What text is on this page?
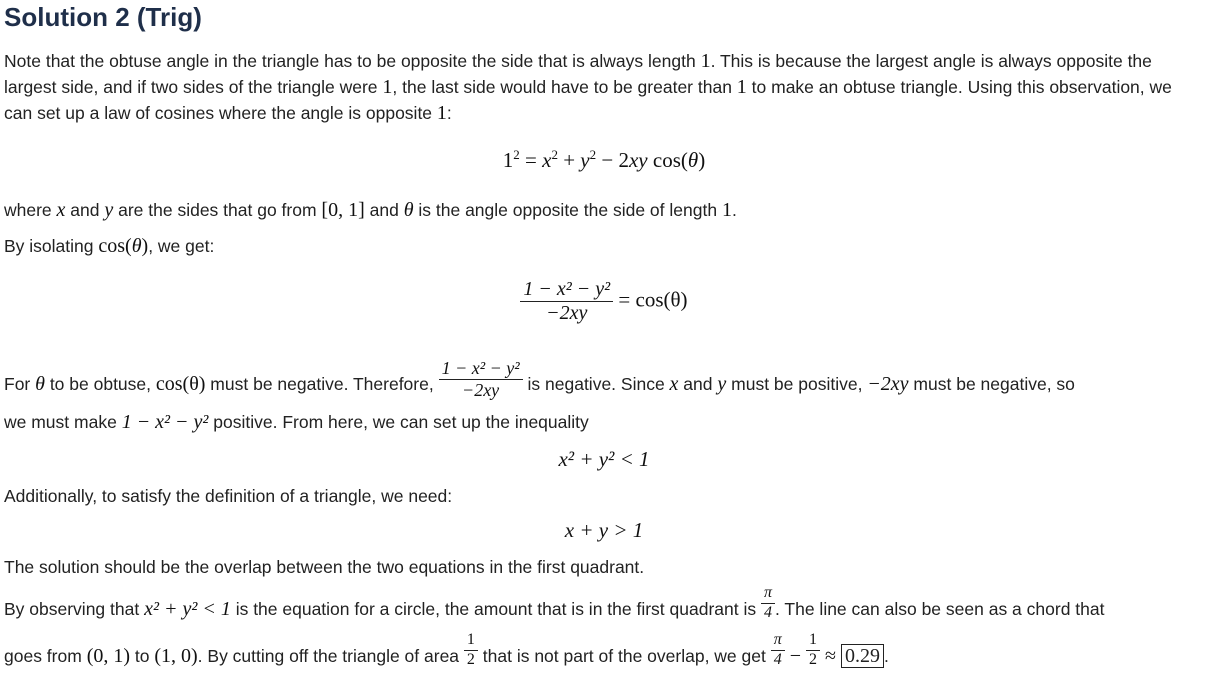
Solution 2 (Trig)

Note that the obtuse angle in the triangle has to be opposite the side that is always length 1. This is because the largest angle is always opposite the largest side, and if two sides of the triangle were 1, the last side would have to be greater than 1 to make an obtuse triangle. Using this observation, we can set up a law of cosines where the angle is opposite 1:

$1^2 = x^2 + y^2 - 2xy$ cos(θ)

where x and y are the sides that go from [0, 1] and θ is the angle opposite the side of length 1.

By isolating cos(θ), we get:

$\frac{\text{1 − x² − y²}}{-2xy} = \cos(\theta)$
For θ to be obtuse, cos(θ) must be negative. Therefore, $\frac{\text{1 − x² − y²}}{-2xy}$ is negative. Since x and y must be positive, −2xy must be negative, so

we must make 1 − x² − y² positive. From here, we can set up the inequality

x² + y² < 1

Additionally, to satisfy the definition of a triangle, we need:

x + y > 1

The solution should be the overlap between the two equations in the first quadrant.

By observing that x² + y² < 1 is the equation for a circle, the amount that is in the first quadrant is $\frac{\pi}{4}$ . The line can also be seen as a chord that
goes from (0, 1) to (1, 0). By cutting off the triangle of area $\frac{1}{2}$ that is not part of the overlap, we get $\frac{\pi}{4} - \frac{1}{2} \approx 0.29$ .
